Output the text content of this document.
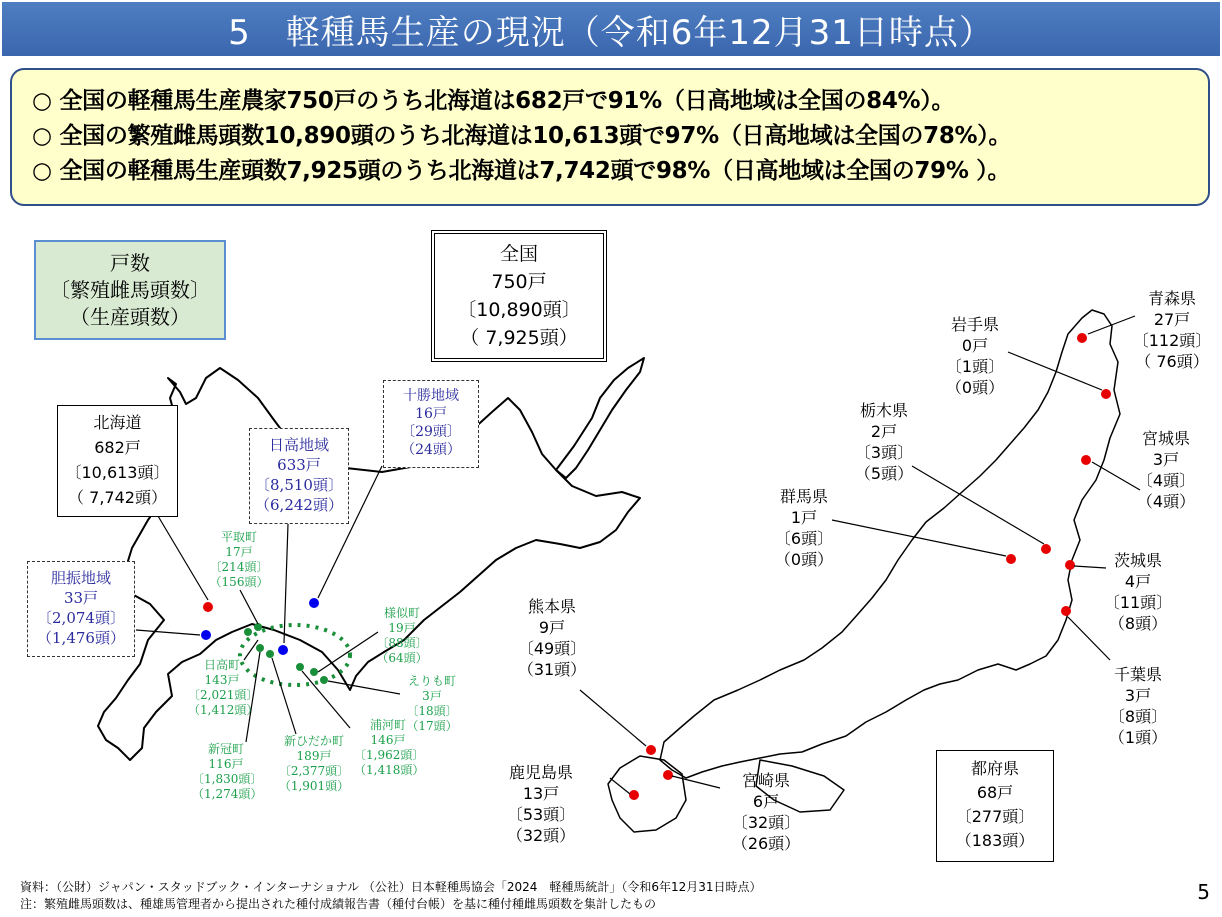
5　軽種馬生産の現況（令和6年12月31日時点）
○ 全国の軽種馬生産農家750戸のうち北海道は682戸で91%（日高地域は全国の84%）。
○ 全国の繁殖雌馬頭数10,890頭のうち北海道は10,613頭で97%（日高地域は全国の78%）。
○ 全国の軽種馬生産頭数7,925頭のうち北海道は7,742頭で98%（日高地域は全国の79% ）。
戸数
〔繁殖雌馬頭数〕
（生産頭数）
全国
750戸
〔10,890頭〕
（ 7,925頭）
北海道
682戸
〔10,613頭〕
（ 7,742頭）
十勝地域
16戸
〔29頭〕
（24頭）
日高地域
633戸
〔8,510頭〕
（6,242頭）
胆振地域
33戸
〔2,074頭〕
（1,476頭）
平取町
17戸
〔214頭〕
（156頭）
日高町
143戸
〔2,021頭〕
（1,412頭）
新冠町
116戸
〔1,830頭〕
（1,274頭）
新ひだか町
189戸
〔2,377頭〕
（1,901頭）
浦河町
146戸
〔1,962頭〕
（1,418頭）
様似町
19戸
〔88頭〕
（64頭）
えりも町
3戸
〔18頭〕
（17頭）
青森県
27戸
〔112頭〕
（ 76頭）
岩手県
0戸
〔1頭〕
（0頭）
宮城県
3戸
〔4頭〕
（4頭）
栃木県
2戸
〔3頭〕
（5頭）
群馬県
1戸
〔6頭〕
（0頭）	茨城県
4戸
〔11頭〕
（8頭）
千葉県
3戸
〔8頭〕
（1頭）
熊本県
9戸
〔49頭〕
（31頭）
鹿児島県
13戸
〔53頭〕
（32頭）
宮崎県
6戸
〔32頭〕
（26頭）
都府県
68戸
〔277頭〕
（183頭）
資料：（公財）ジャパン・スタッドブック・インターナショナル （公社）日本軽種馬協会「2024　軽種馬統計」（令和6年12月31日時点）
注：繁殖雌馬頭数は、種雄馬管理者から提出された種付成績報告書（種付台帳）を基に種付種雌馬頭数を集計したもの	5
